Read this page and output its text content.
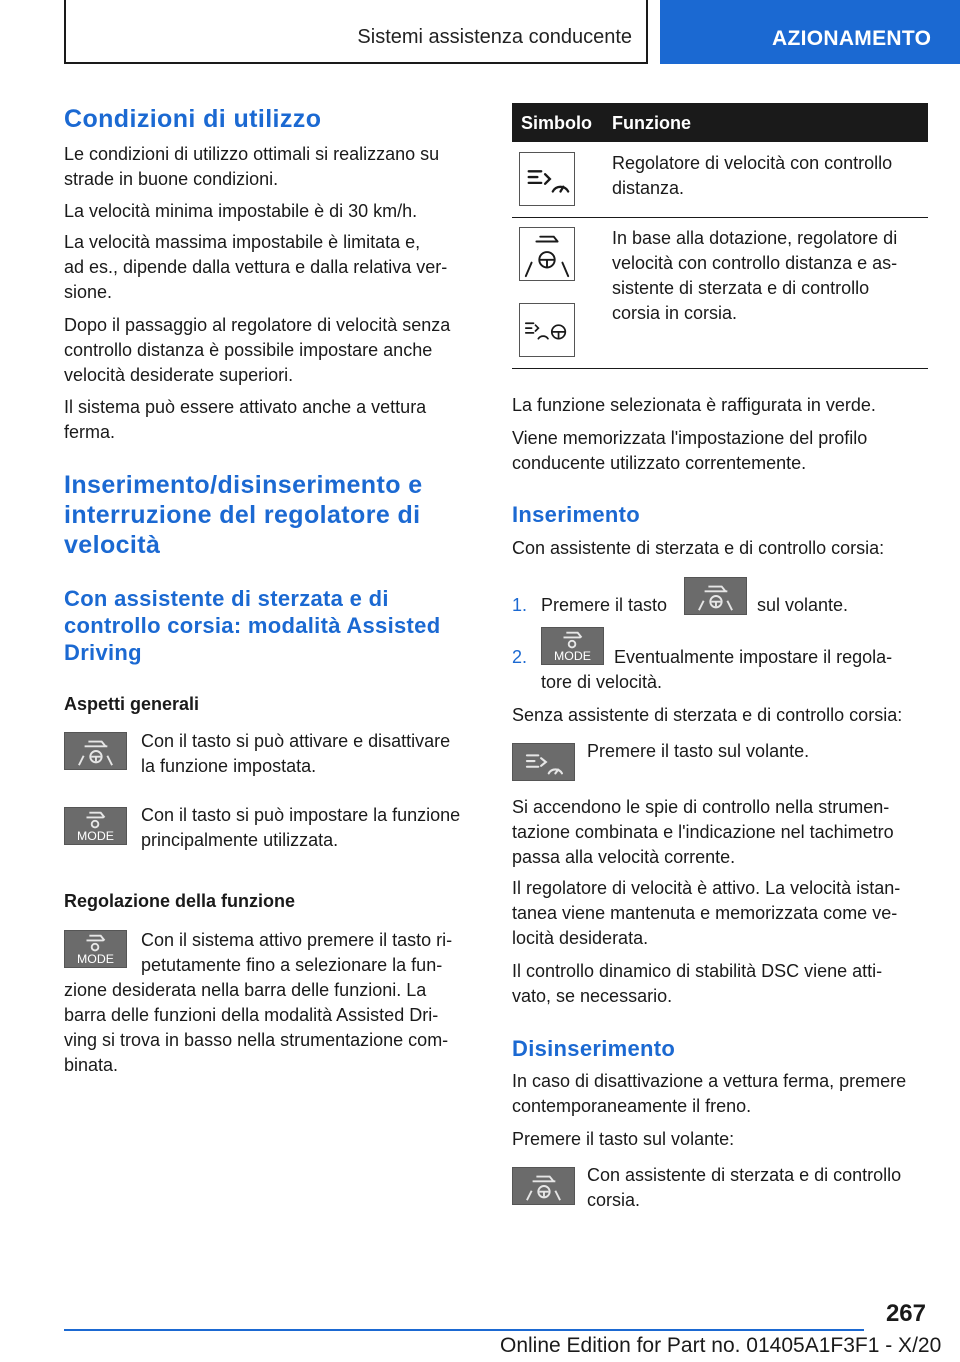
Sistemi assistenza conducente	AZIONAMENTO
Condizioni di utilizzo
Le condizioni di utilizzo ottimali si realizzano su
strade in buone condizioni.
La velocità minima impostabile è di 30 km/h.
La velocità massima impostabile è limitata e,
ad es., dipende dalla vettura e dalla relativa ver-
sione.
Dopo il passaggio al regolatore di velocità senza
controllo distanza è possibile impostare anche
velocità desiderate superiori.
Il sistema può essere attivato anche a vettura
ferma.
Inserimento/disinserimento e
interruzione del regolatore di
velocità
Con assistente di sterzata e di
controllo corsia: modalità Assisted
Driving
Aspetti generali
Con il tasto si può attivare e disattivare
la funzione impostata.
MODE
Con il tasto si può impostare la funzione
principalmente utilizzata.
Regolazione della funzione
MODE
Con il sistema attivo premere il tasto ri-
petutamente fino a selezionare la fun-
zione desiderata nella barra delle funzioni. La
barra delle funzioni della modalità Assisted Dri-
ving si trova in basso nella strumentazione com-
binata.
Simbolo Funzione
Regolatore di velocità con controllo
distanza.
In base alla dotazione, regolatore di
velocità con controllo distanza e as-
sistente di sterzata e di controllo
corsia in corsia.
La funzione selezionata è raffigurata in verde.
Viene memorizzata l'impostazione del profilo
conducente utilizzato correntemente.
Inserimento
Con assistente di sterzata e di controllo corsia:
1. Premere il tasto	sul volante.
2. MODE Eventualmente impostare il regola-
tore di velocità.
Senza assistente di sterzata e di controllo corsia:
Premere il tasto sul volante.
Si accendono le spie di controllo nella strumen-
tazione combinata e l'indicazione nel tachimetro
passa alla velocità corrente.
Il regolatore di velocità è attivo. La velocità istan-
tanea viene mantenuta e memorizzata come ve-
locità desiderata.
Il controllo dinamico di stabilità DSC viene atti-
vato, se necessario.
Disinserimento
In caso di disattivazione a vettura ferma, premere
contemporaneamente il freno.
Premere il tasto sul volante:
Con assistente di sterzata e di controllo
corsia.
267
Online Edition for Part no. 01405A1F3F1 - X/20
